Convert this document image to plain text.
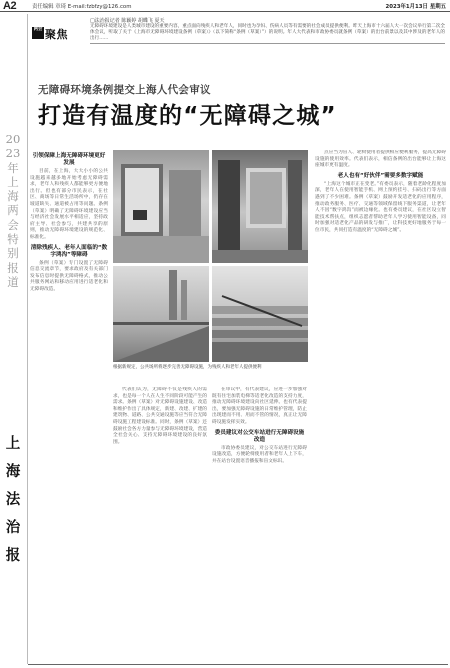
A2	责任编辑 章琦 E-mail:fzbfzy@126.com	2023年1月13日 星期五
2023年上海两会特别报道
上海法治报
两会 聚焦
□法治报记者 陈颖婷 胡蝶飞 夏天
无障碍环境建设是人类城市建设的重要内容，重点面向残疾人和老年人，同时也为孕妇、伤病人员等有需要的社会成员提供便利。昨天上海市十六届人大一次会议举行第二次全体会议，听取了关于《上海市无障碍环境建设条例（草案）》（以下简称“条例（草案）”）的说明。年人大代表和市政协委员就条例（草案）的出台前景以及其中涉及的老年人的出行……
无障碍环境条例提交上海人代会审议
打造有温度的“无障碍之城”
引领保障上海无障碍环境更好发展

目前，在上海，大大小小的公共设施越来越多地开始考虑无障碍需求，老年人和残疾人都能够更方便地出行。但也有部分市民表示，在社区、商场等日常生活场所中，仍存在坡道缺失、通道被占用等问题。条例（草案）明确了无障碍环境建设应当与经济社会发展水平相适应，坚持政府主导、社会参与，共建共享的原则，推动无障碍环境建设的规范化、标准化。

清除残疾人、老年人面临的“数字鸿沟”等障碍

条例（草案）专门设置了无障碍信息交流章节，要求政府及有关部门发布信息时提供无障碍格式，推动公共服务网站和移动应用进行适老化和无障碍改造。

根据新规定，公共场所将逐步完善无障碍设施，为残疾人和老年人提供便利

代表们认为，无障碍不仅是残疾人的需求，也是每一个人在人生不同阶段可能产生的需求。条例（草案）对无障碍设施建设、改造和维护作出了具体规定，新建、改建、扩建的建筑物、道路、公共交通设施等应当符合无障碍设施工程建设标准。同时，条例（草案）还鼓励社会各方力量参与无障碍环境建设，营造全社会关心、支持无障碍环境建设的良好氛围。

在审议中，有代表建议，应进一步加强对既有住宅加装电梯等适老化改造的支持力度，推动无障碍环境建设向社区延伸。也有代表提出，要加强无障碍设施的日常维护管理，防止出现建而不用、用而不管的情况，真正让无障碍设施发挥实效。

委员建议对公交车站进行无障碍设施改造

市政协委员建议，对公交车站进行无障碍设施改造，方便轮椅使用者和老年人上下车，并在站台设置语音播报和盲文标识。

点应当为盲人、轮椅使用者提供相应便利服务，提高无障碍设施的使用效率。代表们表示，相信条例的出台能够让上海这座城市更有温度。

老人也有“好伙伴”需要多数字赋能

“上海这个城市正在变老。”有委员表示，随着老龄化程度加深，老年人在使用智能手机、网上预约挂号、扫码出行等方面遇到了不少困难。条例（草案）鼓励开发适老化的应用程序，推动政务服务、医疗、交通等领域保留线下服务渠道，让老年人不因“数字鸿沟”而被边缘化。也有委员建议，在社区设立智能技术帮扶点，组织志愿者帮助老年人学习使用智能设备，同时加强对适老化产品的研发与推广，让科技更好地服务于每一位市民，共同打造有温度的“无障碍之城”。
